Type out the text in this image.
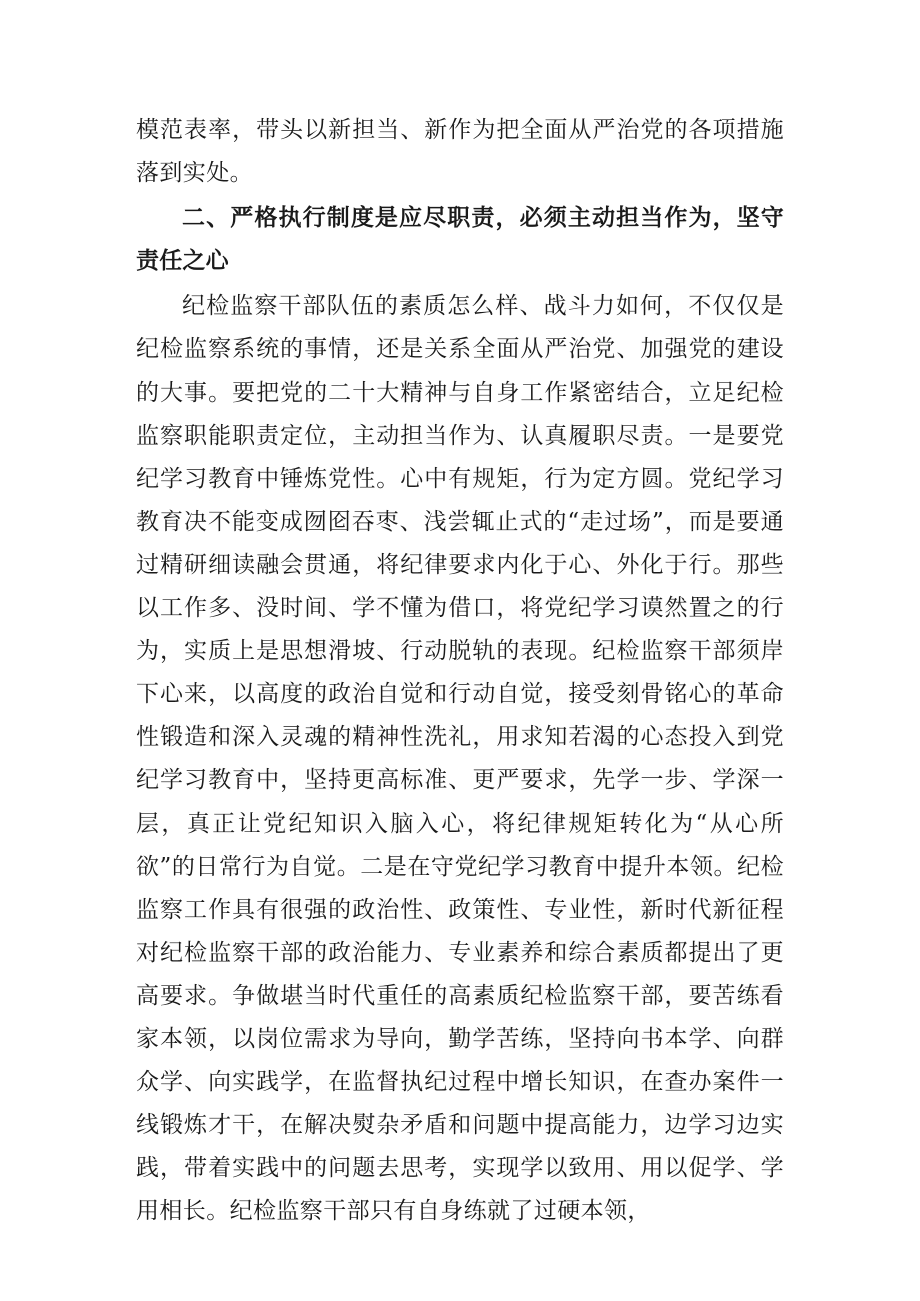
模范表率，带头以新担当、新作为把全面从严治党的各项措施落到实处。

二、严格执行制度是应尽职责，必须主动担当作为，坚守责任之心

纪检监察干部队伍的素质怎么样、战斗力如何，不仅仅是纪检监察系统的事情，还是关系全面从严治党、加强党的建设的大事。要把党的二十大精神与自身工作紧密结合，立足纪检监察职能职责定位，主动担当作为、认真履职尽责。一是要党纪学习教育中锤炼党性。心中有规矩，行为定方圆。党纪学习教育决不能变成囫囵吞枣、浅尝辄止式的“走过场”，而是要通过精研细读融会贯通，将纪律要求内化于心、外化于行。那些以工作多、没时间、学不懂为借口，将党纪学习谟然置之的行为，实质上是思想滑坡、行动脱轨的表现。纪检监察干部须岸下心来，以高度的政治自觉和行动自觉，接受刻骨铭心的革命性锻造和深入灵魂的精神性洗礼，用求知若渴的心态投入到党纪学习教育中，坚持更高标准、更严要求，先学一步、学深一层，真正让党纪知识入脑入心，将纪律规矩转化为“从心所欲”的日常行为自觉。二是在守党纪学习教育中提升本领。纪检监察工作具有很强的政治性、政策性、专业性，新时代新征程对纪检监察干部的政治能力、专业素养和综合素质都提出了更高要求。争做堪当时代重任的高素质纪检监察干部，要苦练看家本领，以岗位需求为导向，勤学苦练，坚持向书本学、向群众学、向实践学，在监督执纪过程中增长知识，在查办案件一线锻炼才干，在解决熨杂矛盾和问题中提高能力，边学习边实践，带着实践中的问题去思考，实现学以致用、用以促学、学用相长。纪检监察干部只有自身练就了过硬本领，
